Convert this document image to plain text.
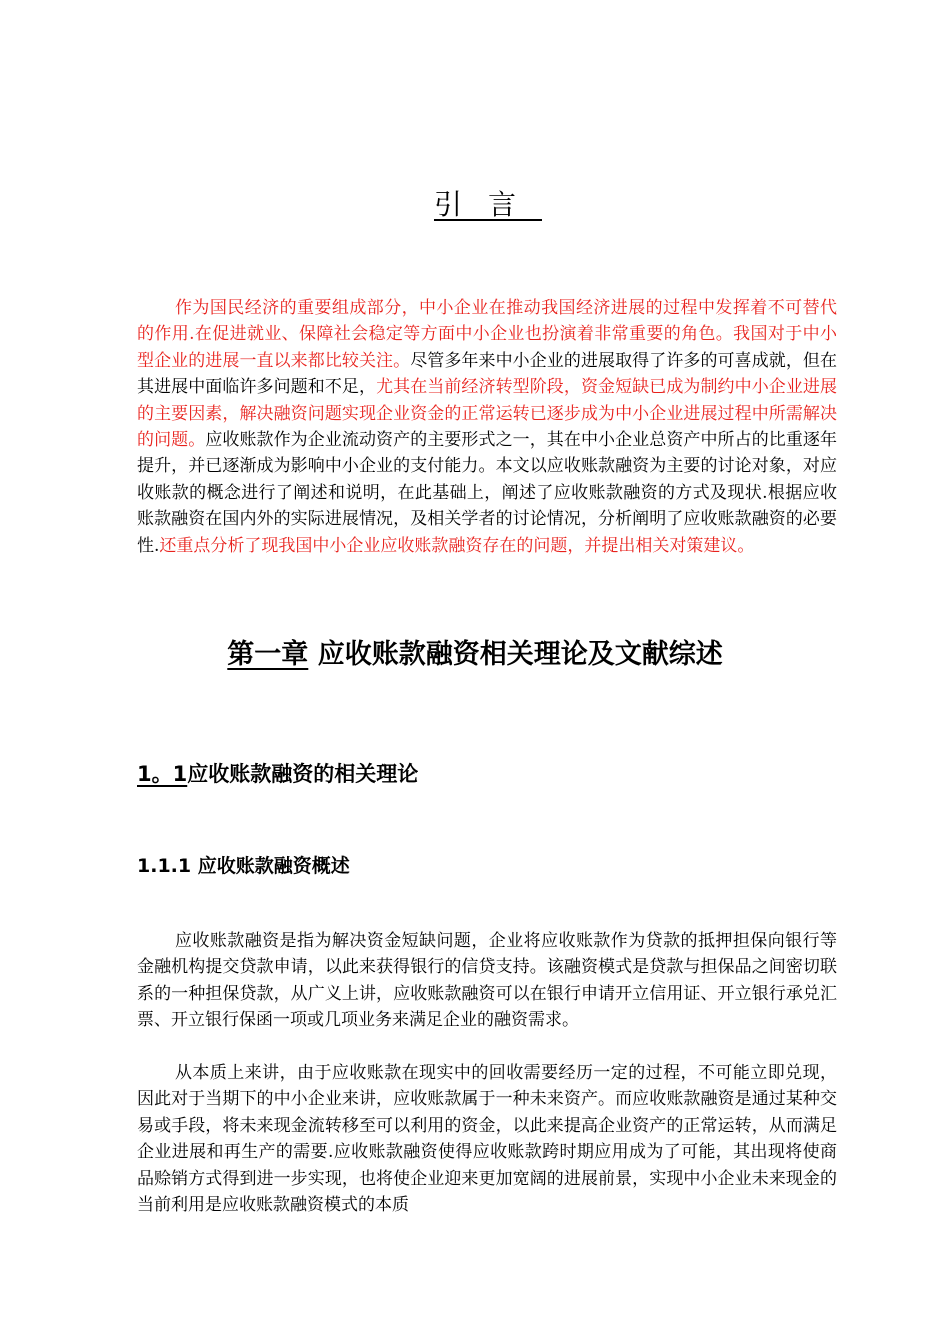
引言

作为国民经济的重要组成部分，中小企业在推动我国经济进展的过程中发挥着不可替代的作用.在促进就业、保障社会稳定等方面中小企业也扮演着非常重要的角色。我国对于中小型企业的进展一直以来都比较关注。尽管多年来中小企业的进展取得了许多的可喜成就，但在其进展中面临许多问题和不足，尤其在当前经济转型阶段，资金短缺已成为制约中小企业进展的主要因素，解决融资问题实现企业资金的正常运转已逐步成为中小企业进展过程中所需解决的问题。应收账款作为企业流动资产的主要形式之一，其在中小企业总资产中所占的比重逐年提升，并已逐渐成为影响中小企业的支付能力。本文以应收账款融资为主要的讨论对象，对应收账款的概念进行了阐述和说明，在此基础上，阐述了应收账款融资的方式及现状.根据应收账款融资在国内外的实际进展情况，及相关学者的讨论情况，分析阐明了应收账款融资的必要性.还重点分析了现我国中小企业应收账款融资存在的问题，并提出相关对策建议。

第一章 应收账款融资相关理论及文献综述
1。1应收账款融资的相关理论
1.1.1 应收账款融资概述

应收账款融资是指为解决资金短缺问题，企业将应收账款作为贷款的抵押担保向银行等金融机构提交贷款申请，以此来获得银行的信贷支持。该融资模式是贷款与担保品之间密切联系的一种担保贷款，从广义上讲，应收账款融资可以在银行申请开立信用证、开立银行承兑汇票、开立银行保函一项或几项业务来满足企业的融资需求。

从本质上来讲，由于应收账款在现实中的回收需要经历一定的过程，不可能立即兑现，因此对于当期下的中小企业来讲，应收账款属于一种未来资产。而应收账款融资是通过某种交易或手段，将未来现金流转移至可以利用的资金，以此来提高企业资产的正常运转，从而满足企业进展和再生产的需要.应收账款融资使得应收账款跨时期应用成为了可能，其出现将使商品赊销方式得到进一步实现，也将使企业迎来更加宽阔的进展前景，实现中小企业未来现金的当前利用是应收账款融资模式的本质
